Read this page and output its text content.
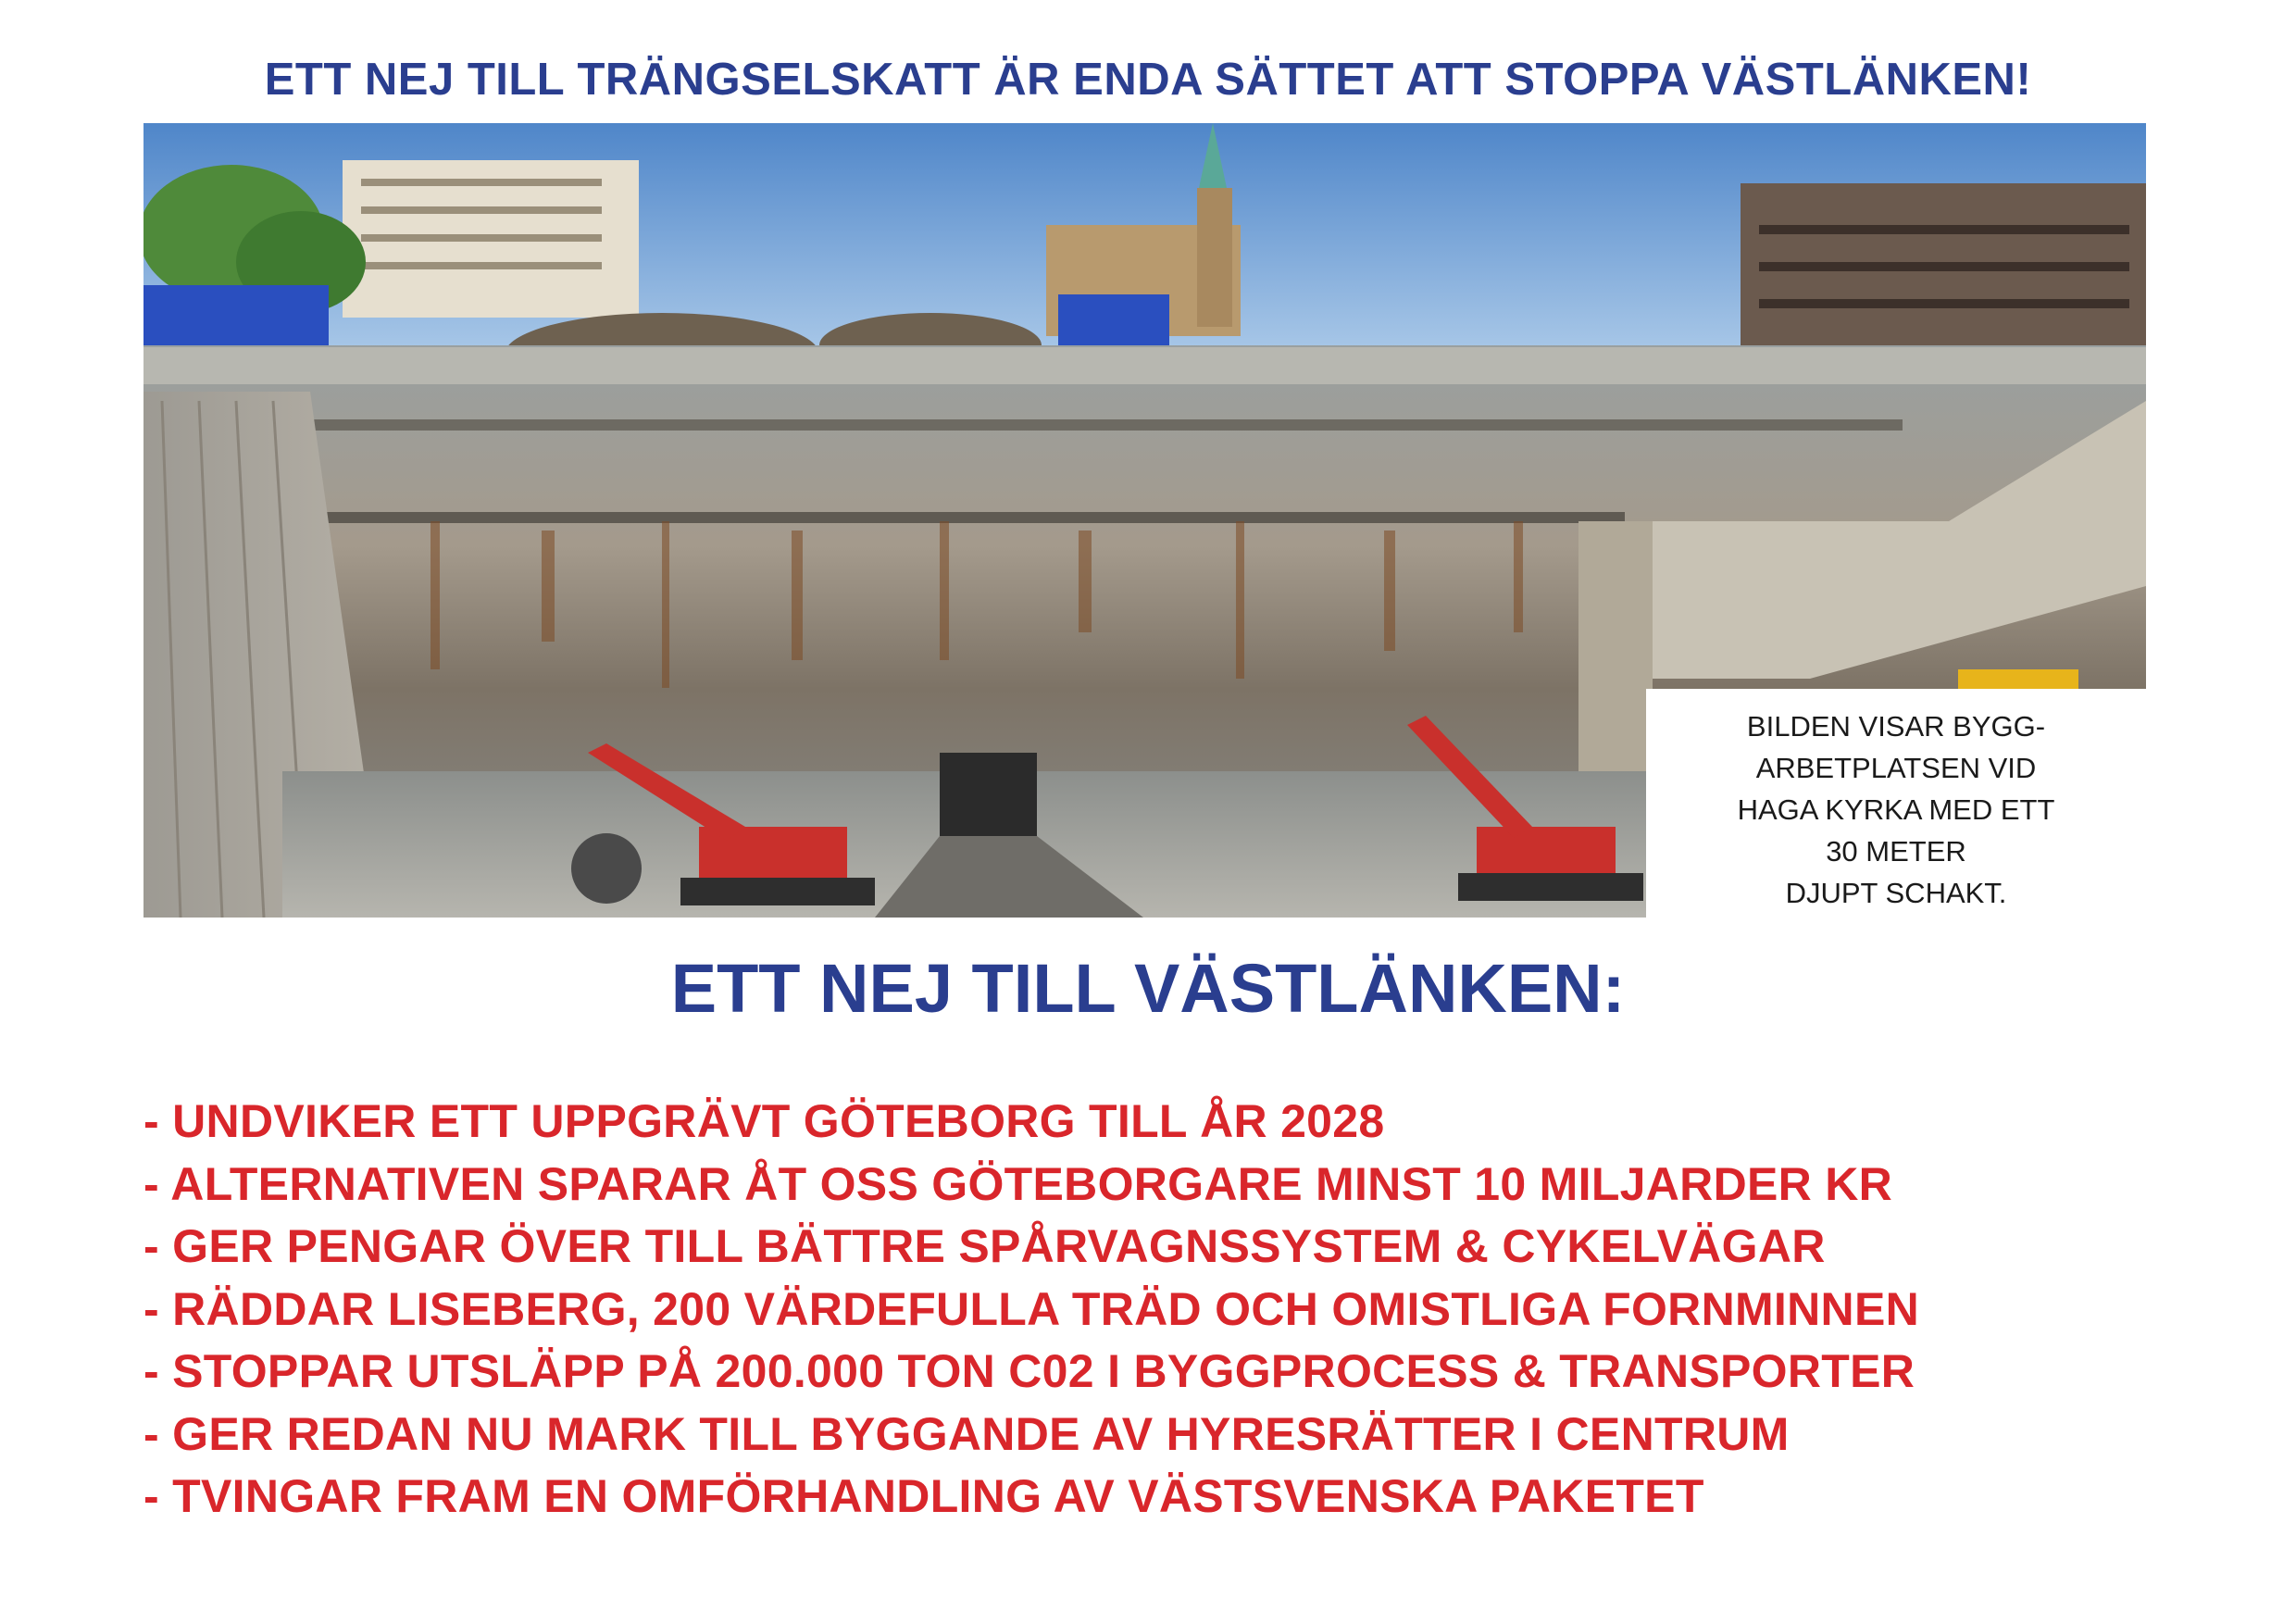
ETT NEJ TILL TRÄNGSELSKATT ÄR ENDA SÄTTET ATT STOPPA VÄSTLÄNKEN!
BILDEN VISAR BYGG-
ARBETPLATSEN VID
HAGA KYRKA MED ETT
30 METER
DJUPT SCHAKT.
ETT NEJ TILL VÄSTLÄNKEN:
- UNDVIKER ETT UPPGRÄVT GÖTEBORG TILL ÅR 2028
- ALTERNATIVEN SPARAR ÅT OSS GÖTEBORGARE MINST 10 MILJARDER KR
- GER PENGAR ÖVER TILL BÄTTRE SPÅRVAGNSSYSTEM & CYKELVÄGAR
- RÄDDAR LISEBERG, 200 VÄRDEFULLA TRÄD OCH OMISTLIGA FORNMINNEN
- STOPPAR UTSLÄPP PÅ 200.000 TON C02 I BYGGPROCESS & TRANSPORTER
- GER REDAN NU MARK TILL BYGGANDE AV HYRESRÄTTER I CENTRUM
- TVINGAR FRAM EN OMFÖRHANDLING AV VÄSTSVENSKA PAKETET
